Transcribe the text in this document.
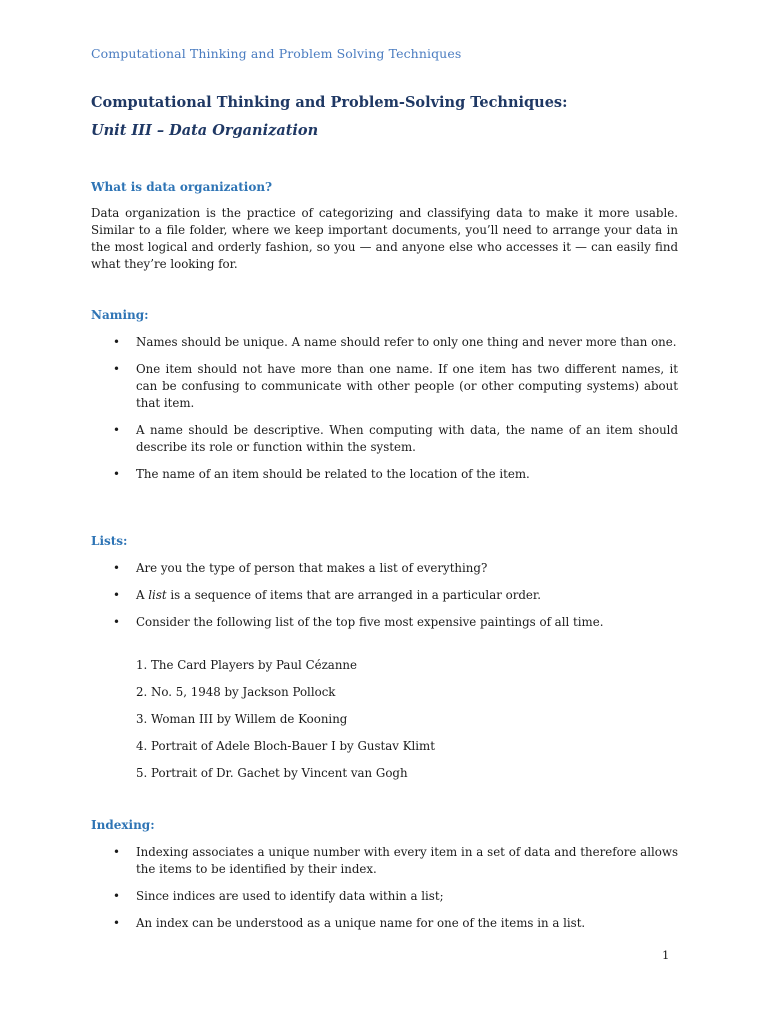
Computational Thinking and Problem Solving Techniques
Computational Thinking and Problem-Solving Techniques:
Unit III – Data Organization
What is data organization?
Data organization is the practice of categorizing and classifying data to make it more usable. Similar to a file folder, where we keep important documents, you’ll need to arrange your data in the most logical and orderly fashion, so you — and anyone else who accesses it — can easily find what they’re looking for.
Naming:
• Names should be unique. A name should refer to only one thing and never more than one.
• One item should not have more than one name. If one item has two different names, it can be confusing to communicate with other people (or other computing systems) about that item.
• A name should be descriptive. When computing with data, the name of an item should describe its role or function within the system.
• The name of an item should be related to the location of the item.
Lists:
• Are you the type of person that makes a list of everything?
• A list is a sequence of items that are arranged in a particular order.
• Consider the following list of the top five most expensive paintings of all time.
1. The Card Players by Paul Cézanne
2. No. 5, 1948 by Jackson Pollock
3. Woman III by Willem de Kooning
4. Portrait of Adele Bloch-Bauer I by Gustav Klimt
5. Portrait of Dr. Gachet by Vincent van Gogh
Indexing:
• Indexing associates a unique number with every item in a set of data and therefore allows the items to be identified by their index.
• Since indices are used to identify data within a list;
• An index can be understood as a unique name for one of the items in a list.
1
